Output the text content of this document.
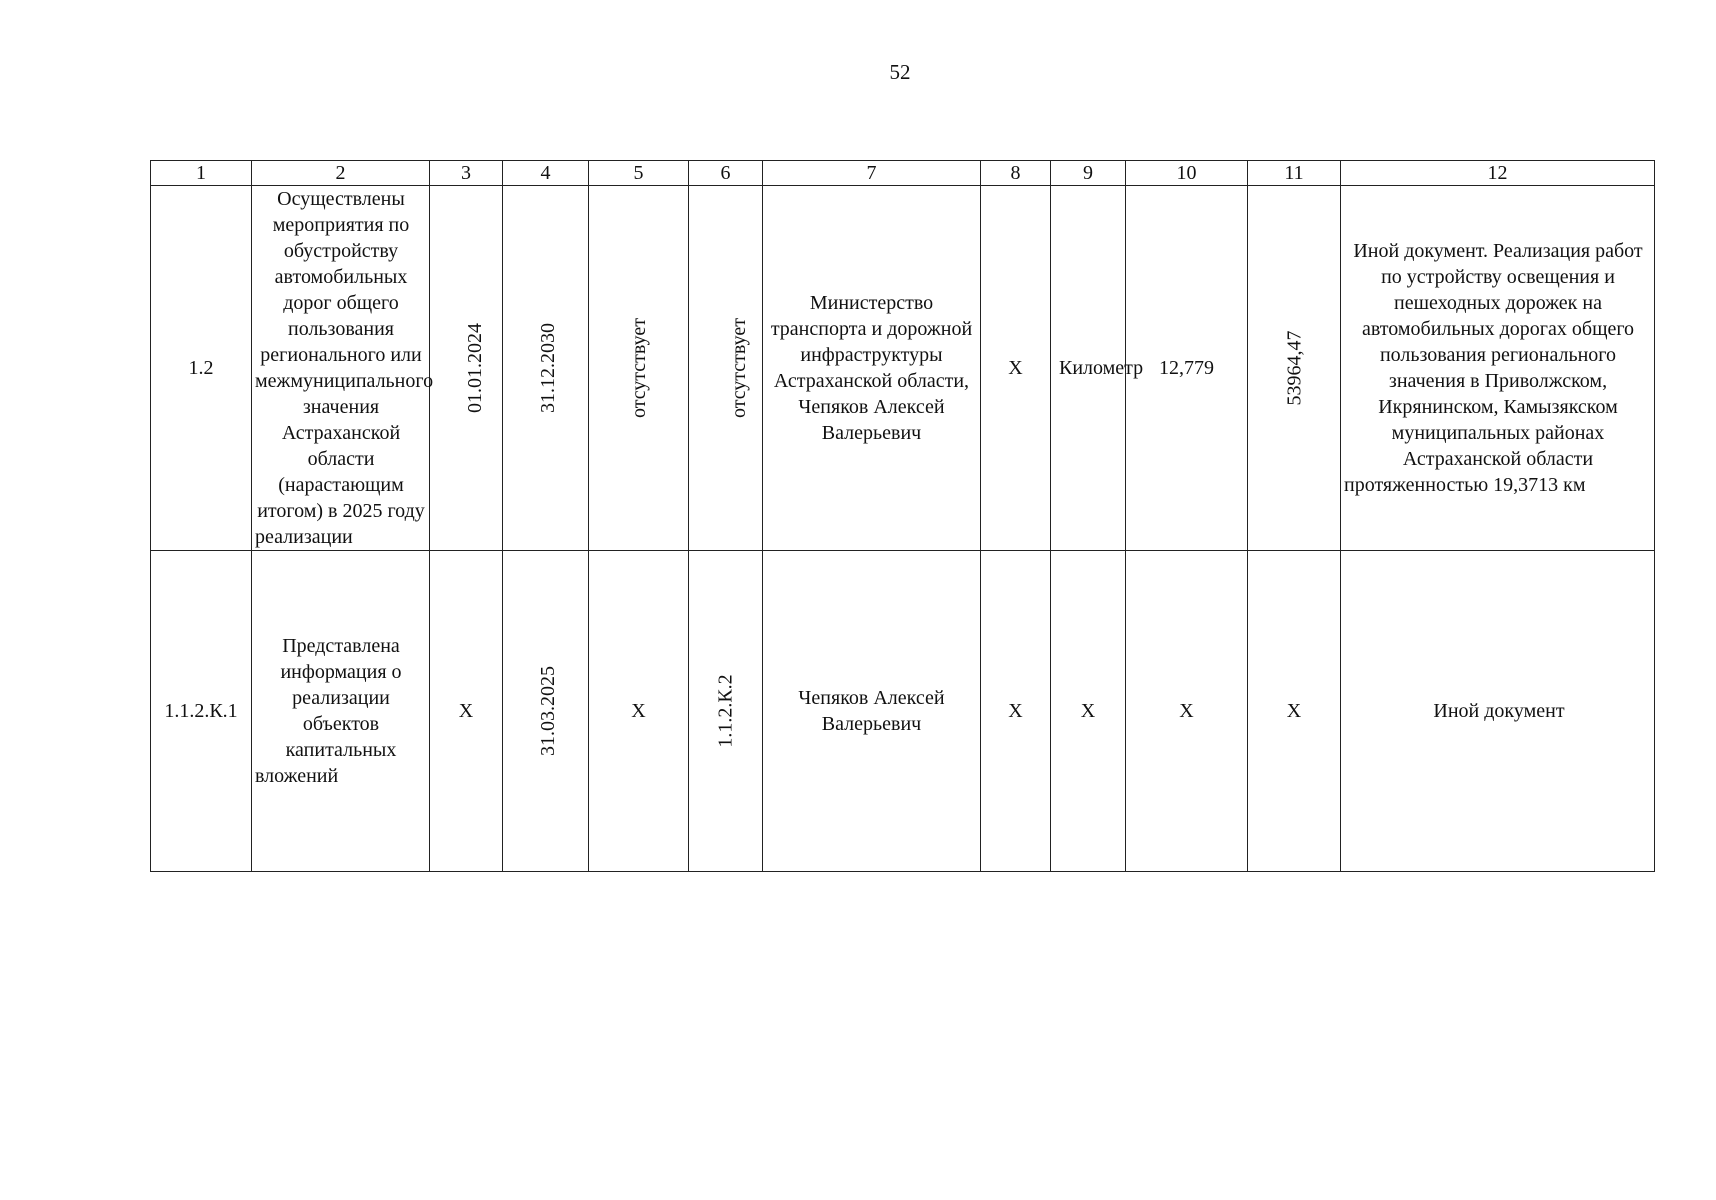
52
1	2	3	4	5	6	7	8	9	10	11	12
1.2	Осуществлены мероприятия по обустройству автомобильных дорог общего пользования регионального или межмуниципального значения Астраханской области (нарастающим итогом) в 2025 году реализации	01.01.2024	31.12.2030	отсутствует	отсутствует	Министерство транспорта и дорожной инфраструктуры Астраханской области, Чепяков Алексей Валерьевич	X	Километр	12,779	53964,47	Иной документ. Реализация работ по устройству освещения и пешеходных дорожек на автомобильных дорогах общего пользования регионального значения в Приволжском, Икрянинском, Камызякском муниципальных районах Астраханской области протяженностью 19,3713 км
1.1.2.К.1	Представлена информация о реализации объектов капитальных вложений	X	31.03.2025	X	1.1.2.К.2	Чепяков Алексей Валерьевич	X	X	X	X	Иной документ
